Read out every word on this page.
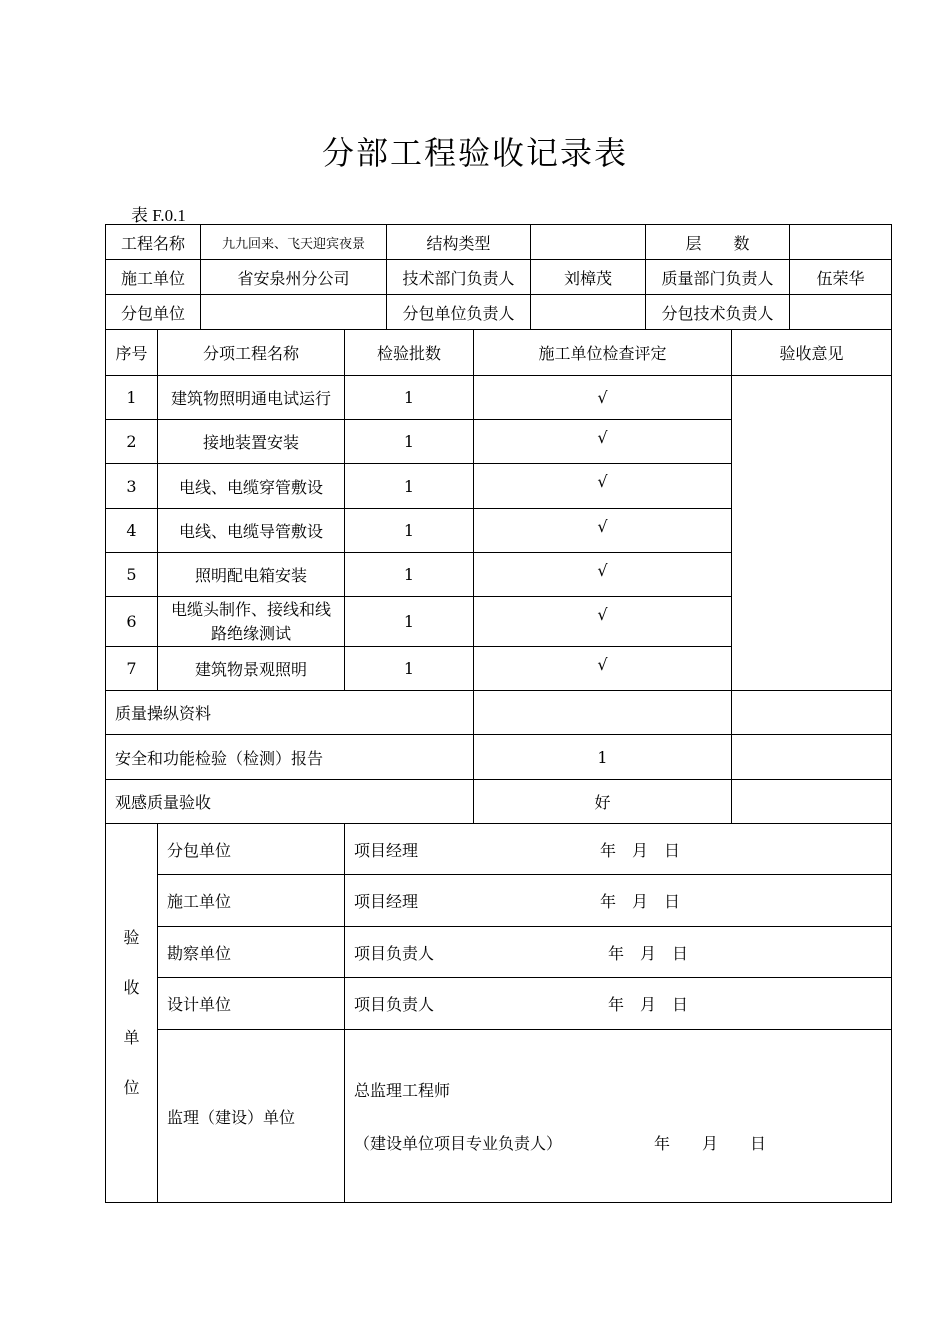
分部工程验收记录表
表 F.0.1
工程名称	九九回来、飞天迎宾夜景	结构类型		层　　数	
施工单位	省安泉州分公司	技术部门负责人	刘樟茂	质量部门负责人	伍荣华
分包单位		分包单位负责人		分包技术负责人	
序号	分项工程名称	检验批数	施工单位检查评定	验收意见
1	建筑物照明通电试运行	1	√	
2	接地装置安装	1	√	
3	电线、电缆穿管敷设	1	√	
4	电线、电缆导管敷设	1	√	
5	照明配电箱安装	1	√	
6	电缆头制作、接线和线路绝缘测试	1	√	
7	建筑物景观照明	1	√	
质量操纵资料				
安全和功能检验（检测）报告			1	
观感质量验收			好	

验
收
单
位	分包单位	项目经理 年　月　日		
	施工单位	项目经理 年　月　日		
	勘察单位	项目负责人 年　月　日		
	设计单位	项目负责人 年　月　日		
	监理（建设）单位	总监理工程师
（建设单位项目专业负责人） 年　　月　　日		
